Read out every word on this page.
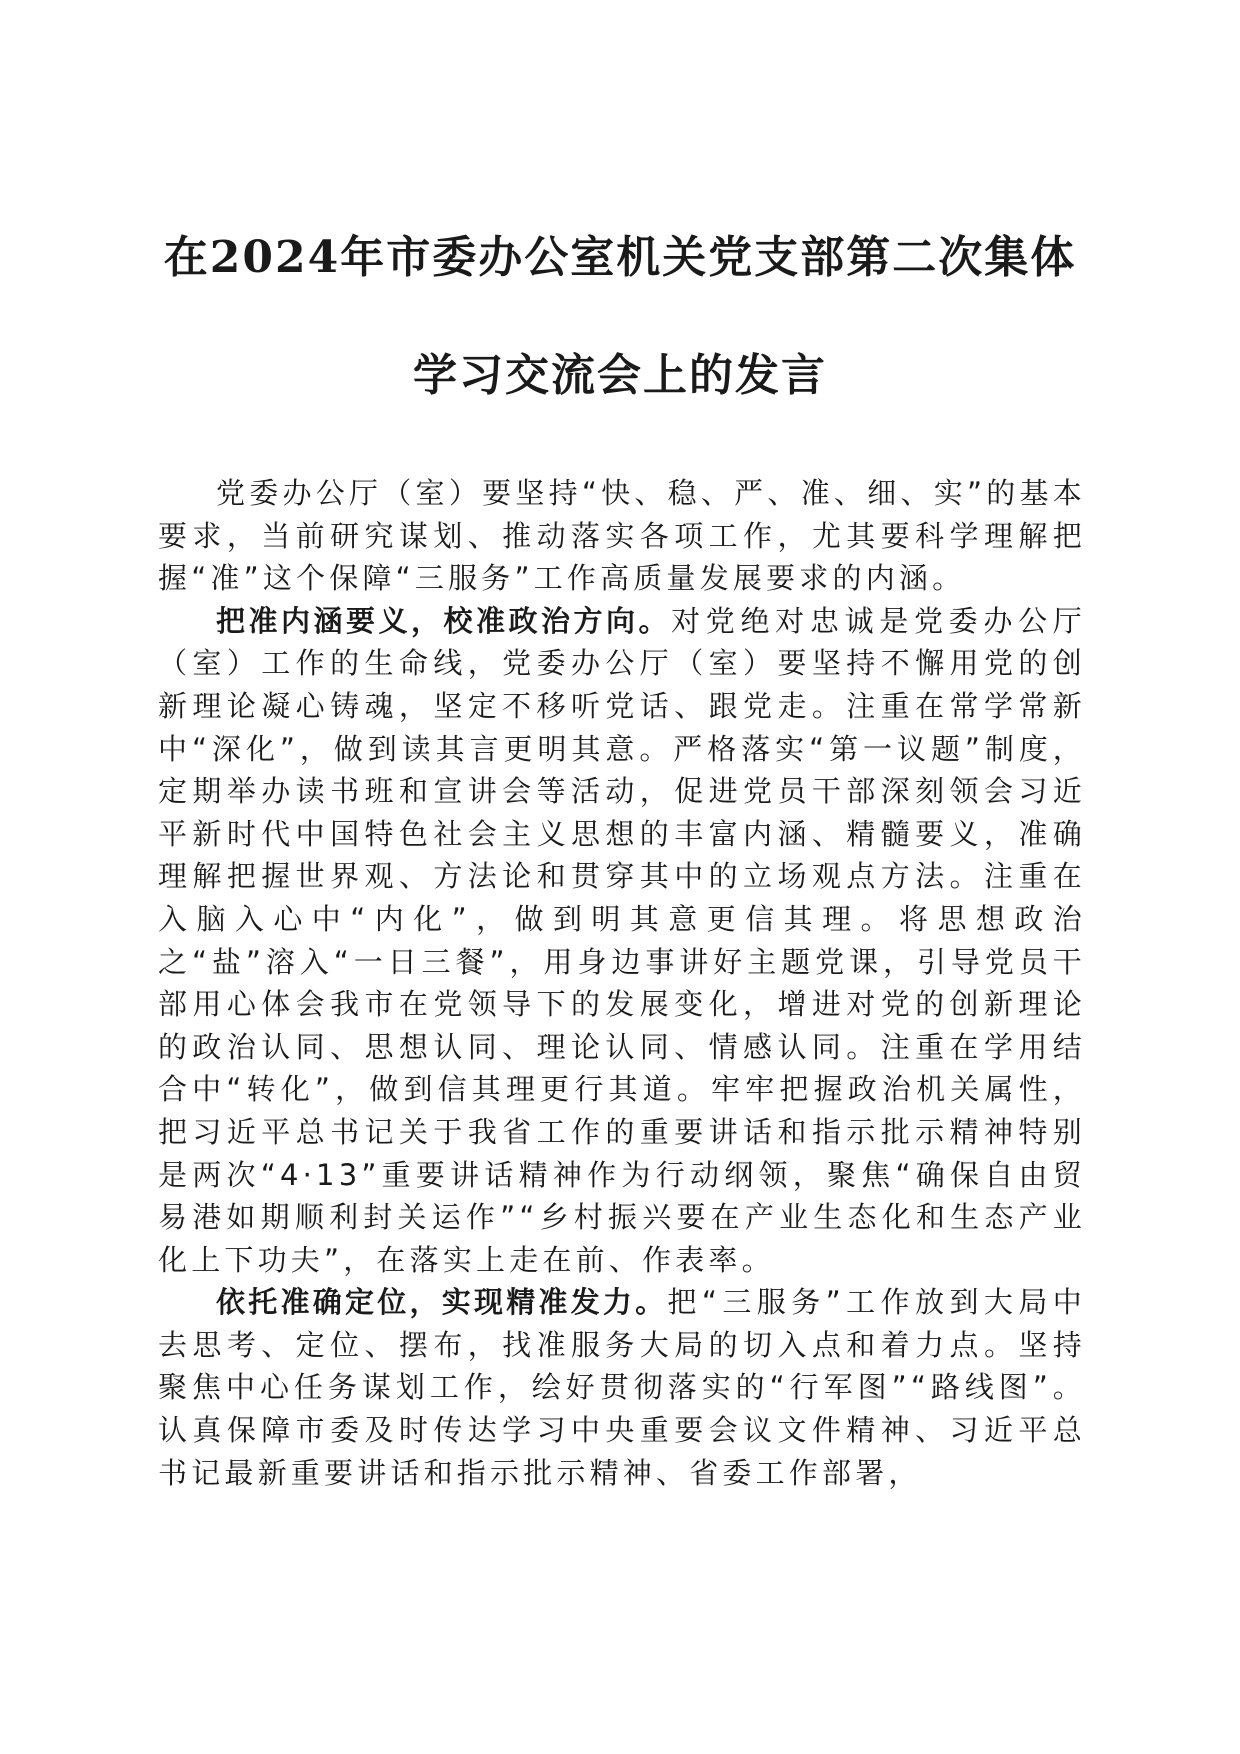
在2024年市委办公室机关党支部第二次集体
学习交流会上的发言

党委办公厅（室）要坚持“快、稳、严、准、细、实”的基本要求，当前研究谋划、推动落实各项工作，尤其要科学理解把握“准”这个保障“三服务”工作高质量发展要求的内涵。

把准内涵要义，校准政治方向。对党绝对忠诚是党委办公厅（室）工作的生命线，党委办公厅（室）要坚持不懈用党的创新理论凝心铸魂，坚定不移听党话、跟党走。注重在常学常新中“深化”，做到读其言更明其意。严格落实“第一议题”制度，定期举办读书班和宣讲会等活动，促进党员干部深刻领会习近平新时代中国特色社会主义思想的丰富内涵、精髓要义，准确理解把握世界观、方法论和贯穿其中的立场观点方法。注重在入脑入心中“内化”，做到明其意更信其理。将思想政治之“盐”溶入“一日三餐”，用身边事讲好主题党课，引导党员干部用心体会我市在党领导下的发展变化，增进对党的创新理论的政治认同、思想认同、理论认同、情感认同。注重在学用结合中“转化”，做到信其理更行其道。牢牢把握政治机关属性，把习近平总书记关于我省工作的重要讲话和指示批示精神特别是两次“4·13”重要讲话精神作为行动纲领，聚焦“确保自由贸易港如期顺利封关运作”“乡村振兴要在产业生态化和生态产业化上下功夫”，在落实上走在前、作表率。

依托准确定位，实现精准发力。把“三服务”工作放到大局中去思考、定位、摆布，找准服务大局的切入点和着力点。坚持聚焦中心任务谋划工作，绘好贯彻落实的“行军图”“路线图”。认真保障市委及时传达学习中央重要会议文件精神、习近平总书记最新重要讲话和指示批示精神、省委工作部署，
